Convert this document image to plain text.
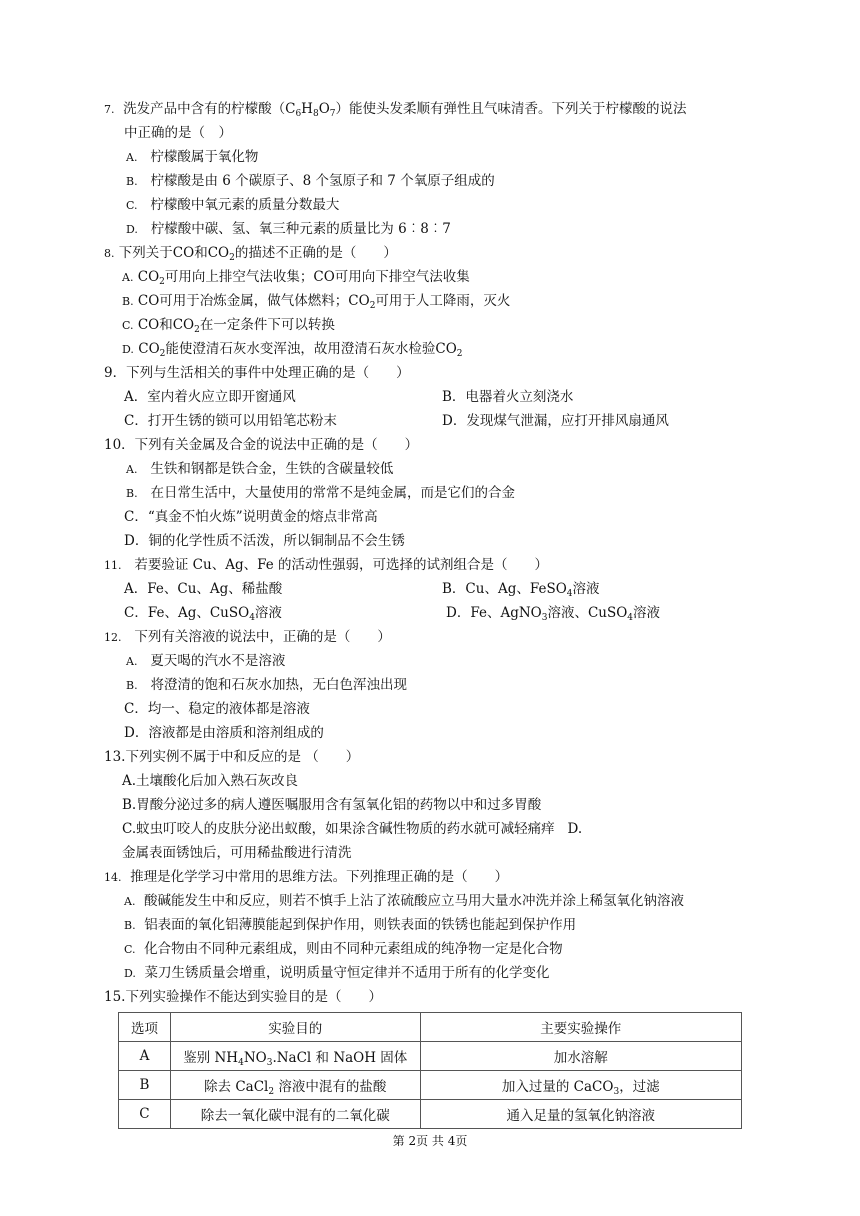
7. 洗发产品中含有的柠檬酸$(C_6H_8O_7)$能使头发柔顺有弹性且气味清香。下列关于柠檬酸的说法
中正确的是（　）
A. 柠檬酸属于氧化物
B. 柠檬酸是由 6 个碳原子、8 个氢原子和 7 个氧原子组成的
C. 柠檬酸中氧元素的质量分数最大
D. 柠檬酸中碳、氢、氧三种元素的质量比为 6︰8︰7
8. 下列关于CO和$CO_2$的描述不正确的是（　　）
A. $CO_2$可用向上排空气法收集；CO可用向下排空气法收集
B. CO可用于冶炼金属，做气体燃料；$CO_2$可用于人工降雨，灭火
C. CO和$CO_2$在一定条件下可以转换
D. $CO_2$能使澄清石灰水变浑浊，故用澄清石灰水检验$CO_2$
9．下列与生活相关的事件中处理正确的是（　　）
A．室内着火应立即开窗通风	B．电器着火立刻浇水
C．打开生锈的锁可以用铅笔芯粉末	D．发现煤气泄漏，应打开排风扇通风
10．下列有关金属及合金的说法中正确的是（　　）
A. 生铁和钢都是铁合金，生铁的含碳量较低
B. 在日常生活中，大量使用的常常不是纯金属，而是它们的合金
C．“真金不怕火炼”说明黄金的熔点非常高
D．铜的化学性质不活泼，所以铜制品不会生锈
11. 若要验证 Cu、Ag、Fe 的活动性强弱，可选择的试剂组合是（　　）
A．Fe、Cu、Ag、稀盐酸	B．Cu、Ag、FeSO$_4$溶液
C．Fe、Ag、CuSO$_4$溶液	D．Fe、AgNO$_3$溶液、CuSO$_4$溶液
12. 下列有关溶液的说法中，正确的是（　　）
A. 夏天喝的汽水不是溶液
B. 将澄清的饱和石灰水加热，无白色浑浊出现
C．均一、稳定的液体都是溶液
D．溶液都是由溶质和溶剂组成的
13.下列实例不属于中和反应的是 （　　）
A.土壤酸化后加入熟石灰改良
B.胃酸分泌过多的病人遵医嘱服用含有氢氧化铝的药物以中和过多胃酸
C.蚊虫叮咬人的皮肤分泌出蚁酸，如果涂含碱性物质的药水就可减轻痛痒 D.
金属表面锈蚀后，可用稀盐酸进行清洗
14. 推理是化学学习中常用的思维方法。下列推理正确的是（　　）
A. 酸碱能发生中和反应，则若不慎手上沾了浓硫酸应立马用大量水冲洗并涂上稀氢氧化钠溶液
B. 铝表面的氧化铝薄膜能起到保护作用，则铁表面的铁锈也能起到保护作用
C. 化合物由不同种元素组成，则由不同种元素组成的纯净物一定是化合物
D. 菜刀生锈质量会增重，说明质量守恒定律并不适用于所有的化学变化
15.下列实验操作不能达到实验目的是（　　）
选项	实验目的	主要实验操作
A	鉴别 $NH_4NO_3.NaCl$ 和 NaOH 固体	加水溶解
B	除去 CaCl$_2$ 溶液中混有的盐酸	加入过量的 CaCO$_3$，过滤
C	除去一氧化碳中混有的二氧化碳	通入足量的氢氧化钠溶液
第 2页 共 4页
